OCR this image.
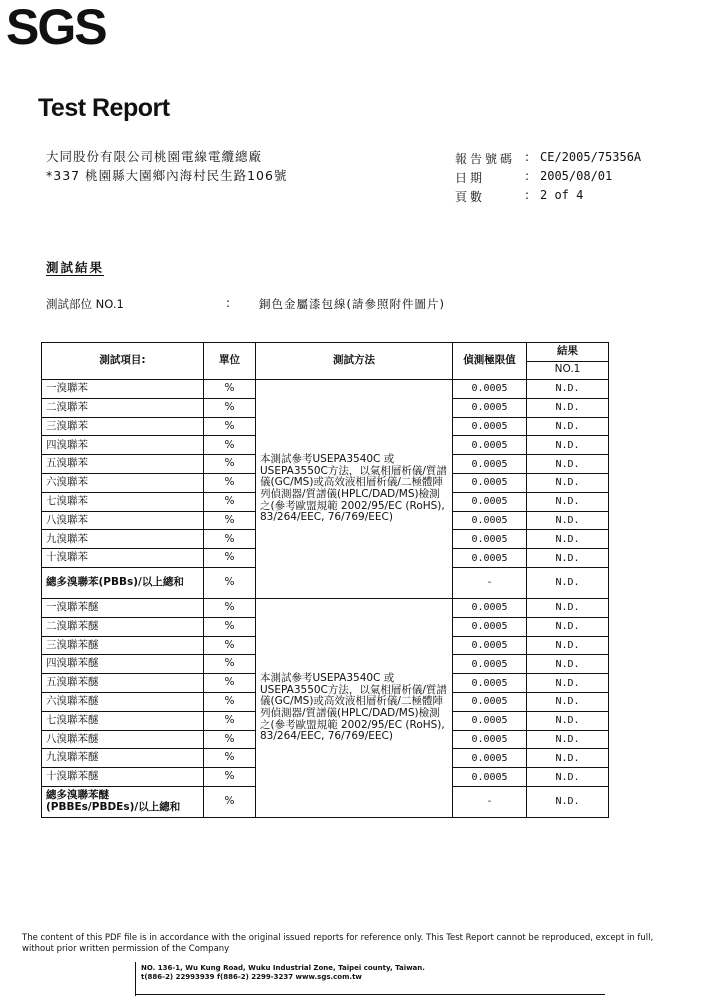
SGS
Test Report
大同股份有限公司桃園電線電纜總廠
*337 桃園縣大園鄉內海村民生路106號
報告號碼 : CE/2005/75356A
日期	: 2005/08/01
頁數	: 2 of 4
測試結果
測試部位 NO.1	:	銅色金屬漆包線(請參照附件圖片)
測試項目:	單位	測試方法	偵測極限值	結果
				NO.1
一溴聯苯	%	本測試參考USEPA3540C 或USEPA3550C方法，以氣相層析儀/質譜儀(GC/MS)或高效液相層析儀/二極體陣列偵測器/質譜儀(HPLC/DAD/MS)檢測之(參考歐盟規範 2002/95/EC (RoHS), 83/264/EEC, 76/769/EEC)	0.0005	N.D.
二溴聯苯	%		0.0005	N.D.
三溴聯苯	%		0.0005	N.D.
四溴聯苯	%		0.0005	N.D.
五溴聯苯	%		0.0005	N.D.
六溴聯苯	%		0.0005	N.D.
七溴聯苯	%		0.0005	N.D.
八溴聯苯	%		0.0005	N.D.
九溴聯苯	%		0.0005	N.D.
十溴聯苯	%		0.0005	N.D.
總多溴聯苯(PBBs)/以上總和	%		-	N.D.
一溴聯苯醚	%	本測試參考USEPA3540C 或USEPA3550C方法，以氣相層析儀/質譜儀(GC/MS)或高效液相層析儀/二極體陣列偵測器/質譜儀(HPLC/DAD/MS)檢測之(參考歐盟規範 2002/95/EC (RoHS), 83/264/EEC, 76/769/EEC)	0.0005	N.D.
二溴聯苯醚	%		0.0005	N.D.
三溴聯苯醚	%		0.0005	N.D.
四溴聯苯醚	%		0.0005	N.D.
五溴聯苯醚	%		0.0005	N.D.
六溴聯苯醚	%		0.0005	N.D.
七溴聯苯醚	%		0.0005	N.D.
八溴聯苯醚	%		0.0005	N.D.
九溴聯苯醚	%		0.0005	N.D.
十溴聯苯醚	%		0.0005	N.D.
總多溴聯苯醚(PBBEs/PBDEs)/以上總和	%		-	N.D.
The content of this PDF file is in accordance with the original issued reports for reference only. This Test Report cannot be reproduced, except in full, without prior written permission of the Company
NO. 136-1, Wu Kung Road, Wuku Industrial Zone, Taipei county, Taiwan.
t(886-2) 22993939 f(886-2) 2299-3237 www.sgs.com.tw
